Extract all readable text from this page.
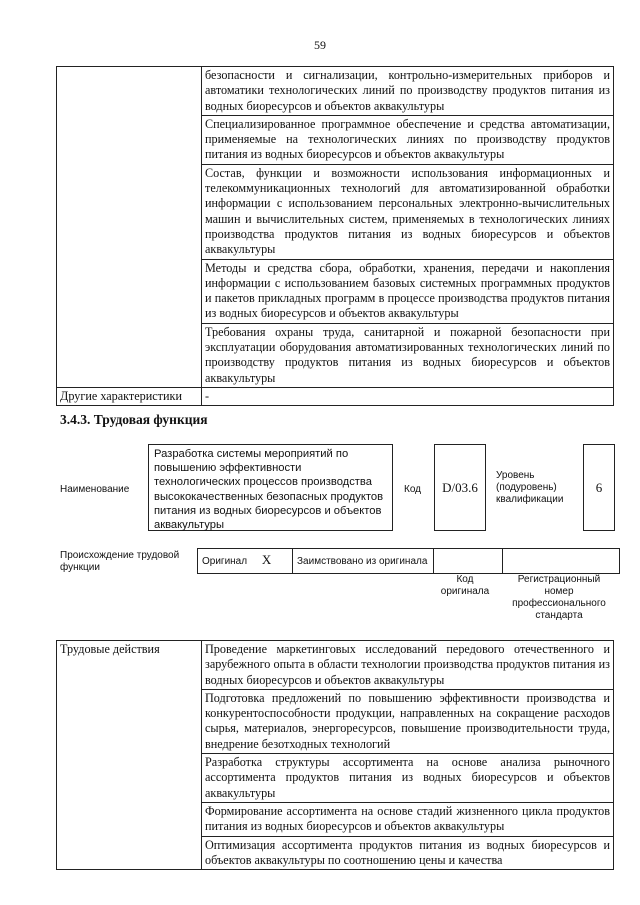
59
	безопасности и сигнализации, контрольно-измерительных приборов и автоматики технологических линий по производству продуктов питания из водных биоресурсов и объектов аквакультуры
	Специализированное программное обеспечение и средства автоматизации, применяемые на технологических линиях по производству продуктов питания из водных биоресурсов и объектов аквакультуры
	Состав, функции и возможности использования информационных и телекоммуникационных технологий для автоматизированной обработки информации с использованием персональных электронно-вычислительных машин и вычислительных систем, применяемых в технологических линиях производства продуктов питания из водных биоресурсов и объектов аквакультуры
	Методы и средства сбора, обработки, хранения, передачи и накопления информации с использованием базовых системных программных продуктов и пакетов прикладных программ в процессе производства продуктов питания из водных биоресурсов и объектов аквакультуры
	Требования охраны труда, санитарной и пожарной безопасности при эксплуатации оборудования автоматизированных технологических линий по производству продуктов питания из водных биоресурсов и объектов аквакультуры
Другие характеристики	-
3.4.3. Трудовая функция
Наименование
Разработка системы мероприятий по повышению эффективности технологических процессов производства высококачественных безопасных продуктов питания из водных биоресурсов и объектов аквакультуры
Код	D/03.6
Уровень (подуровень) квалификации
6
Происхождение трудовой функции
Оригинал X	Заимствовано из оригинала		
Код оригинала
Регистрационный номер профессионального стандарта
Трудовые действия	Проведение маркетинговых исследований передового отечественного и зарубежного опыта в области технологии производства продуктов питания из водных биоресурсов и объектов аквакультуры
Подготовка предложений по повышению эффективности производства и конкурентоспособности продукции, направленных на сокращение расходов сырья, материалов, энергоресурсов, повышение производительности труда, внедрение безотходных технологий
Разработка структуры ассортимента на основе анализа рыночного ассортимента продуктов питания из водных биоресурсов и объектов аквакультуры
Формирование ассортимента на основе стадий жизненного цикла продуктов питания из водных биоресурсов и объектов аквакультуры
Оптимизация ассортимента продуктов питания из водных биоресурсов и объектов аквакультуры по соотношению цены и качества
